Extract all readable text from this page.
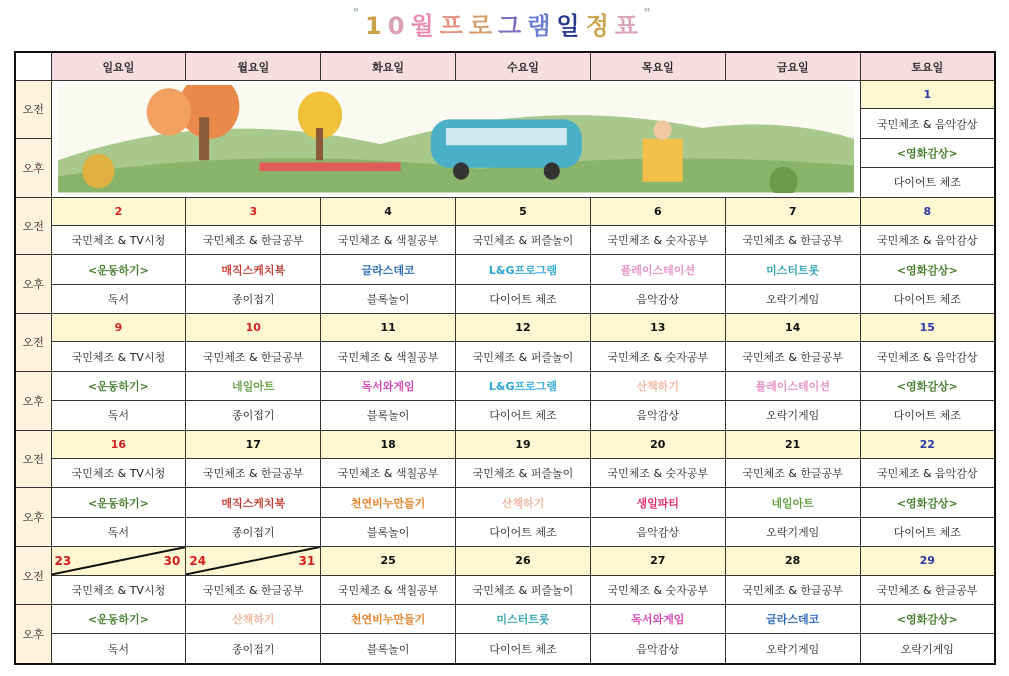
"10월프로그램일정표"
	일요일	월요일	화요일	수요일	목요일	금요일	토요일
오전							1
							국민체조 & 음악감상
오후							<영화감상>
							다이어트 체조
오전	2	3	4	5	6	7	8
	국민체조 & TV시청	국민체조 & 한글공부	국민체조 & 색칠공부	국민체조 & 퍼즐놀이	국민체조 & 숫자공부	국민체조 & 한글공부	국민체조 & 음악감상
오후	<운동하기>	매직스케치북	글라스데코	L&G프로그램	플레이스테이션	미스터트롯	<영화감상>
	독서	종이접기	블록놀이	다이어트 체조	음악감상	오락기게임	다이어트 체조
오전	9	10	11	12	13	14	15
	국민체조 & TV시청	국민체조 & 한글공부	국민체조 & 색칠공부	국민체조 & 퍼즐놀이	국민체조 & 숫자공부	국민체조 & 한글공부	국민체조 & 음악감상
오후	<운동하기>	네일아트	독서와게임	L&G프로그램	산책하기	플레이스테이션	<영화감상>
	독서	종이접기	블록놀이	다이어트 체조	음악감상	오락기게임	다이어트 체조
오전	16	17	18	19	20	21	22
	국민체조 & TV시청	국민체조 & 한글공부	국민체조 & 색칠공부	국민체조 & 퍼즐놀이	국민체조 & 숫자공부	국민체조 & 한글공부	국민체조 & 음악감상
오후	<운동하기>	매직스케치북	천연비누만들기	산책하기	생일파티	네일아트	<영화감상>
	독서	종이접기	블록놀이	다이어트 체조	음악감상	오락기게임	다이어트 체조
오전	23 30	24 31	25	26	27	28	29
	국민체조 & TV시청	국민체조 & 한글공부	국민체조 & 색칠공부	국민체조 & 퍼즐놀이	국민체조 & 숫자공부	국민체조 & 한글공부	국민체조 & 한글공부
오후	<운동하기>	산책하기	천연비누만들기	미스터트롯	독서와게임	글라스데코	<영화감상>
	독서	종이접기	블록놀이	다이어트 체조	음악감상	오락기게임	오락기게임
